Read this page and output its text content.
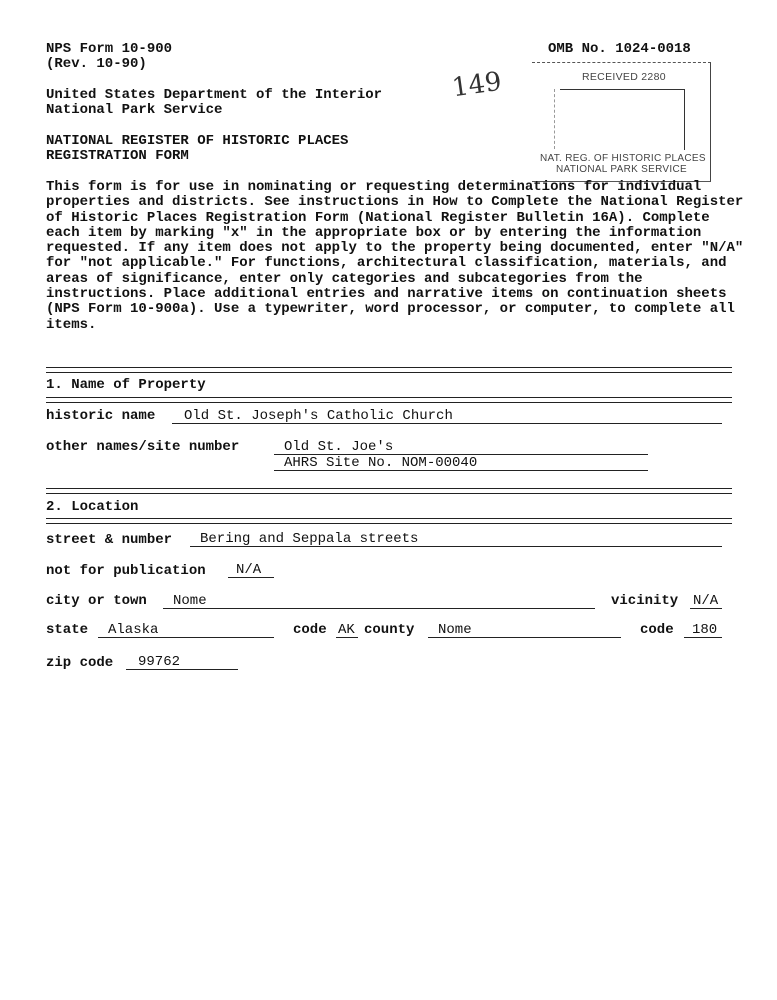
NPS Form 10-900
(Rev. 10-90)
OMB No. 1024-0018
United States Department of the Interior
National Park Service
NATIONAL REGISTER OF HISTORIC PLACES
REGISTRATION FORM
149	RECEIVED 2280
NAT. REG. OF HISTORIC PLACES
NATIONAL PARK SERVICE
This form is for use in nominating or requesting determinations for individual properties and districts. See instructions in How to Complete the National Register of Historic Places Registration Form (National Register Bulletin 16A). Complete each item by marking "x" in the appropriate box or by entering the information requested. If any item does not apply to the property being documented, enter "N/A" for "not applicable." For functions, architectural classification, materials, and areas of significance, enter only categories and subcategories from the instructions. Place additional entries and narrative items on continuation sheets (NPS Form 10-900a). Use a typewriter, word processor, or computer, to complete all items.
1. Name of Property
historic name	Old St. Joseph's Catholic Church
other names/site number	Old St. Joe's
AHRS Site No. NOM-00040
2. Location
street & number	Bering and Seppala streets
not for publication	N/A
city or town	Nome	vicinity N/A
state	Alaska	code AK county	Nome	code	180
zip code	99762
